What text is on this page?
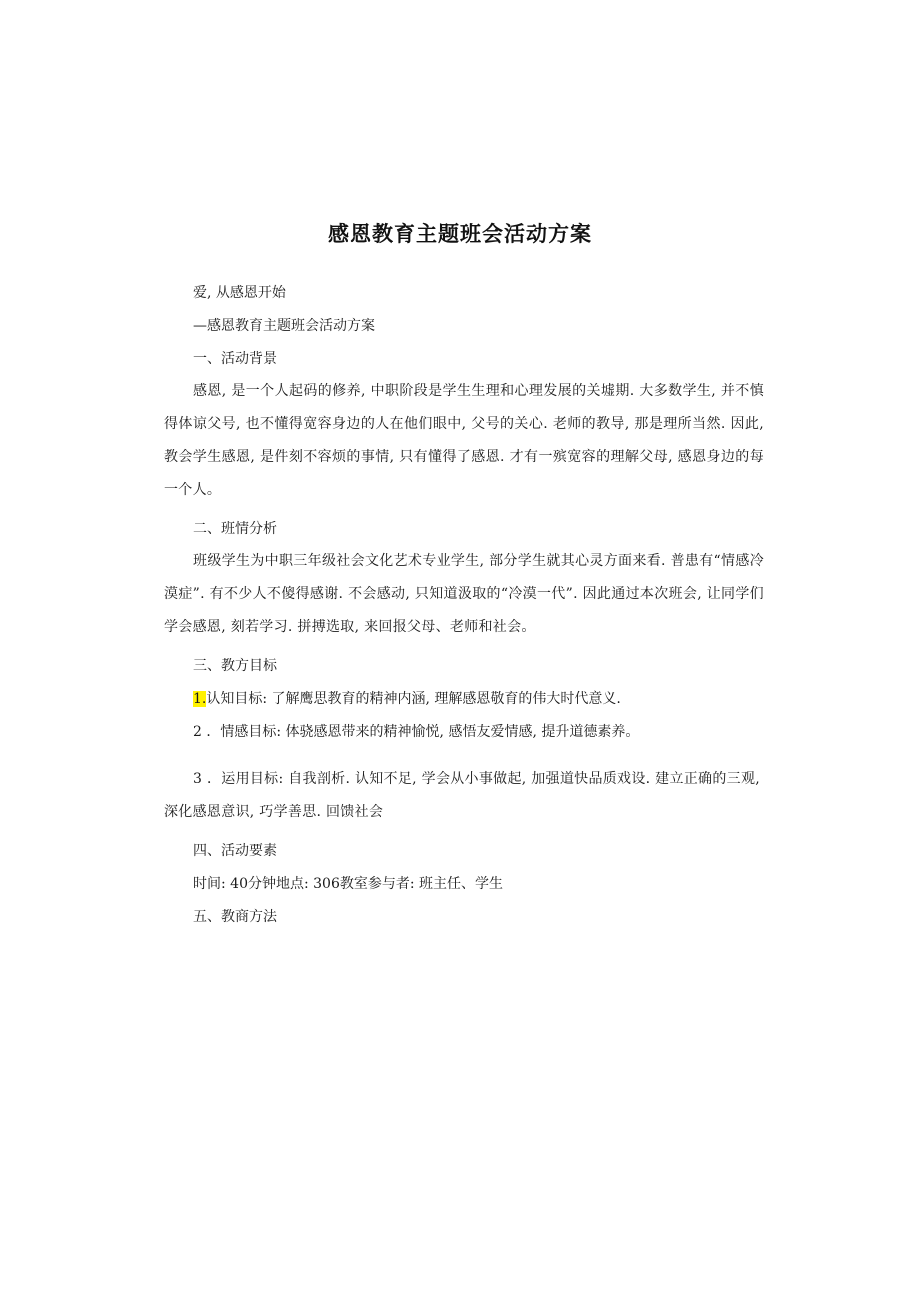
感恩教育主题班会活动方案

爱, 从感恩开始

—感恩教育主题班会活动方案

一、活动背景

感恩, 是一个人起码的修养, 中职阶段是学生生理和心理发展的关墟期. 大多数学生, 并不慎得体谅父号, 也不懂得宽容身边的人在他们眼中, 父号的关心. 老师的教导, 那是理所当然. 因此, 教会学生感恩, 是件刻不容烦的事情, 只有懂得了感恩. 才有一殡宽容的理解父母, 感恩身边的每一个人。

二、班情分析

班级学生为中职三年级社会文化艺术专业学生, 部分学生就其心灵方面来看. 普患有“情感冷漠症”. 有不少人不傻得感谢. 不会感动, 只知道汲取的“冷漠一代”. 因此通过本次班会, 让同学们学会感恩, 刻若学习. 拼搏选取, 来回报父母、老师和社会。

三、教方目标

1.认知目标: 了解鹰思教育的精神内涵, 理解感恩敬育的伟大时代意义.

2 ．情感目标: 体骁感恩带来的精神愉悦, 感悟友爱情感, 提升道德素养。

3 ．运用目标: 自我剖析. 认知不足, 学会从小事做起, 加强道快品质戏设. 建立正确的三观, 深化感恩意识, 巧学善思. 回馈社会

四、活动要素

时间: 40分钟地点: 306教室参与者: 班主任、学生

五、教商方法
